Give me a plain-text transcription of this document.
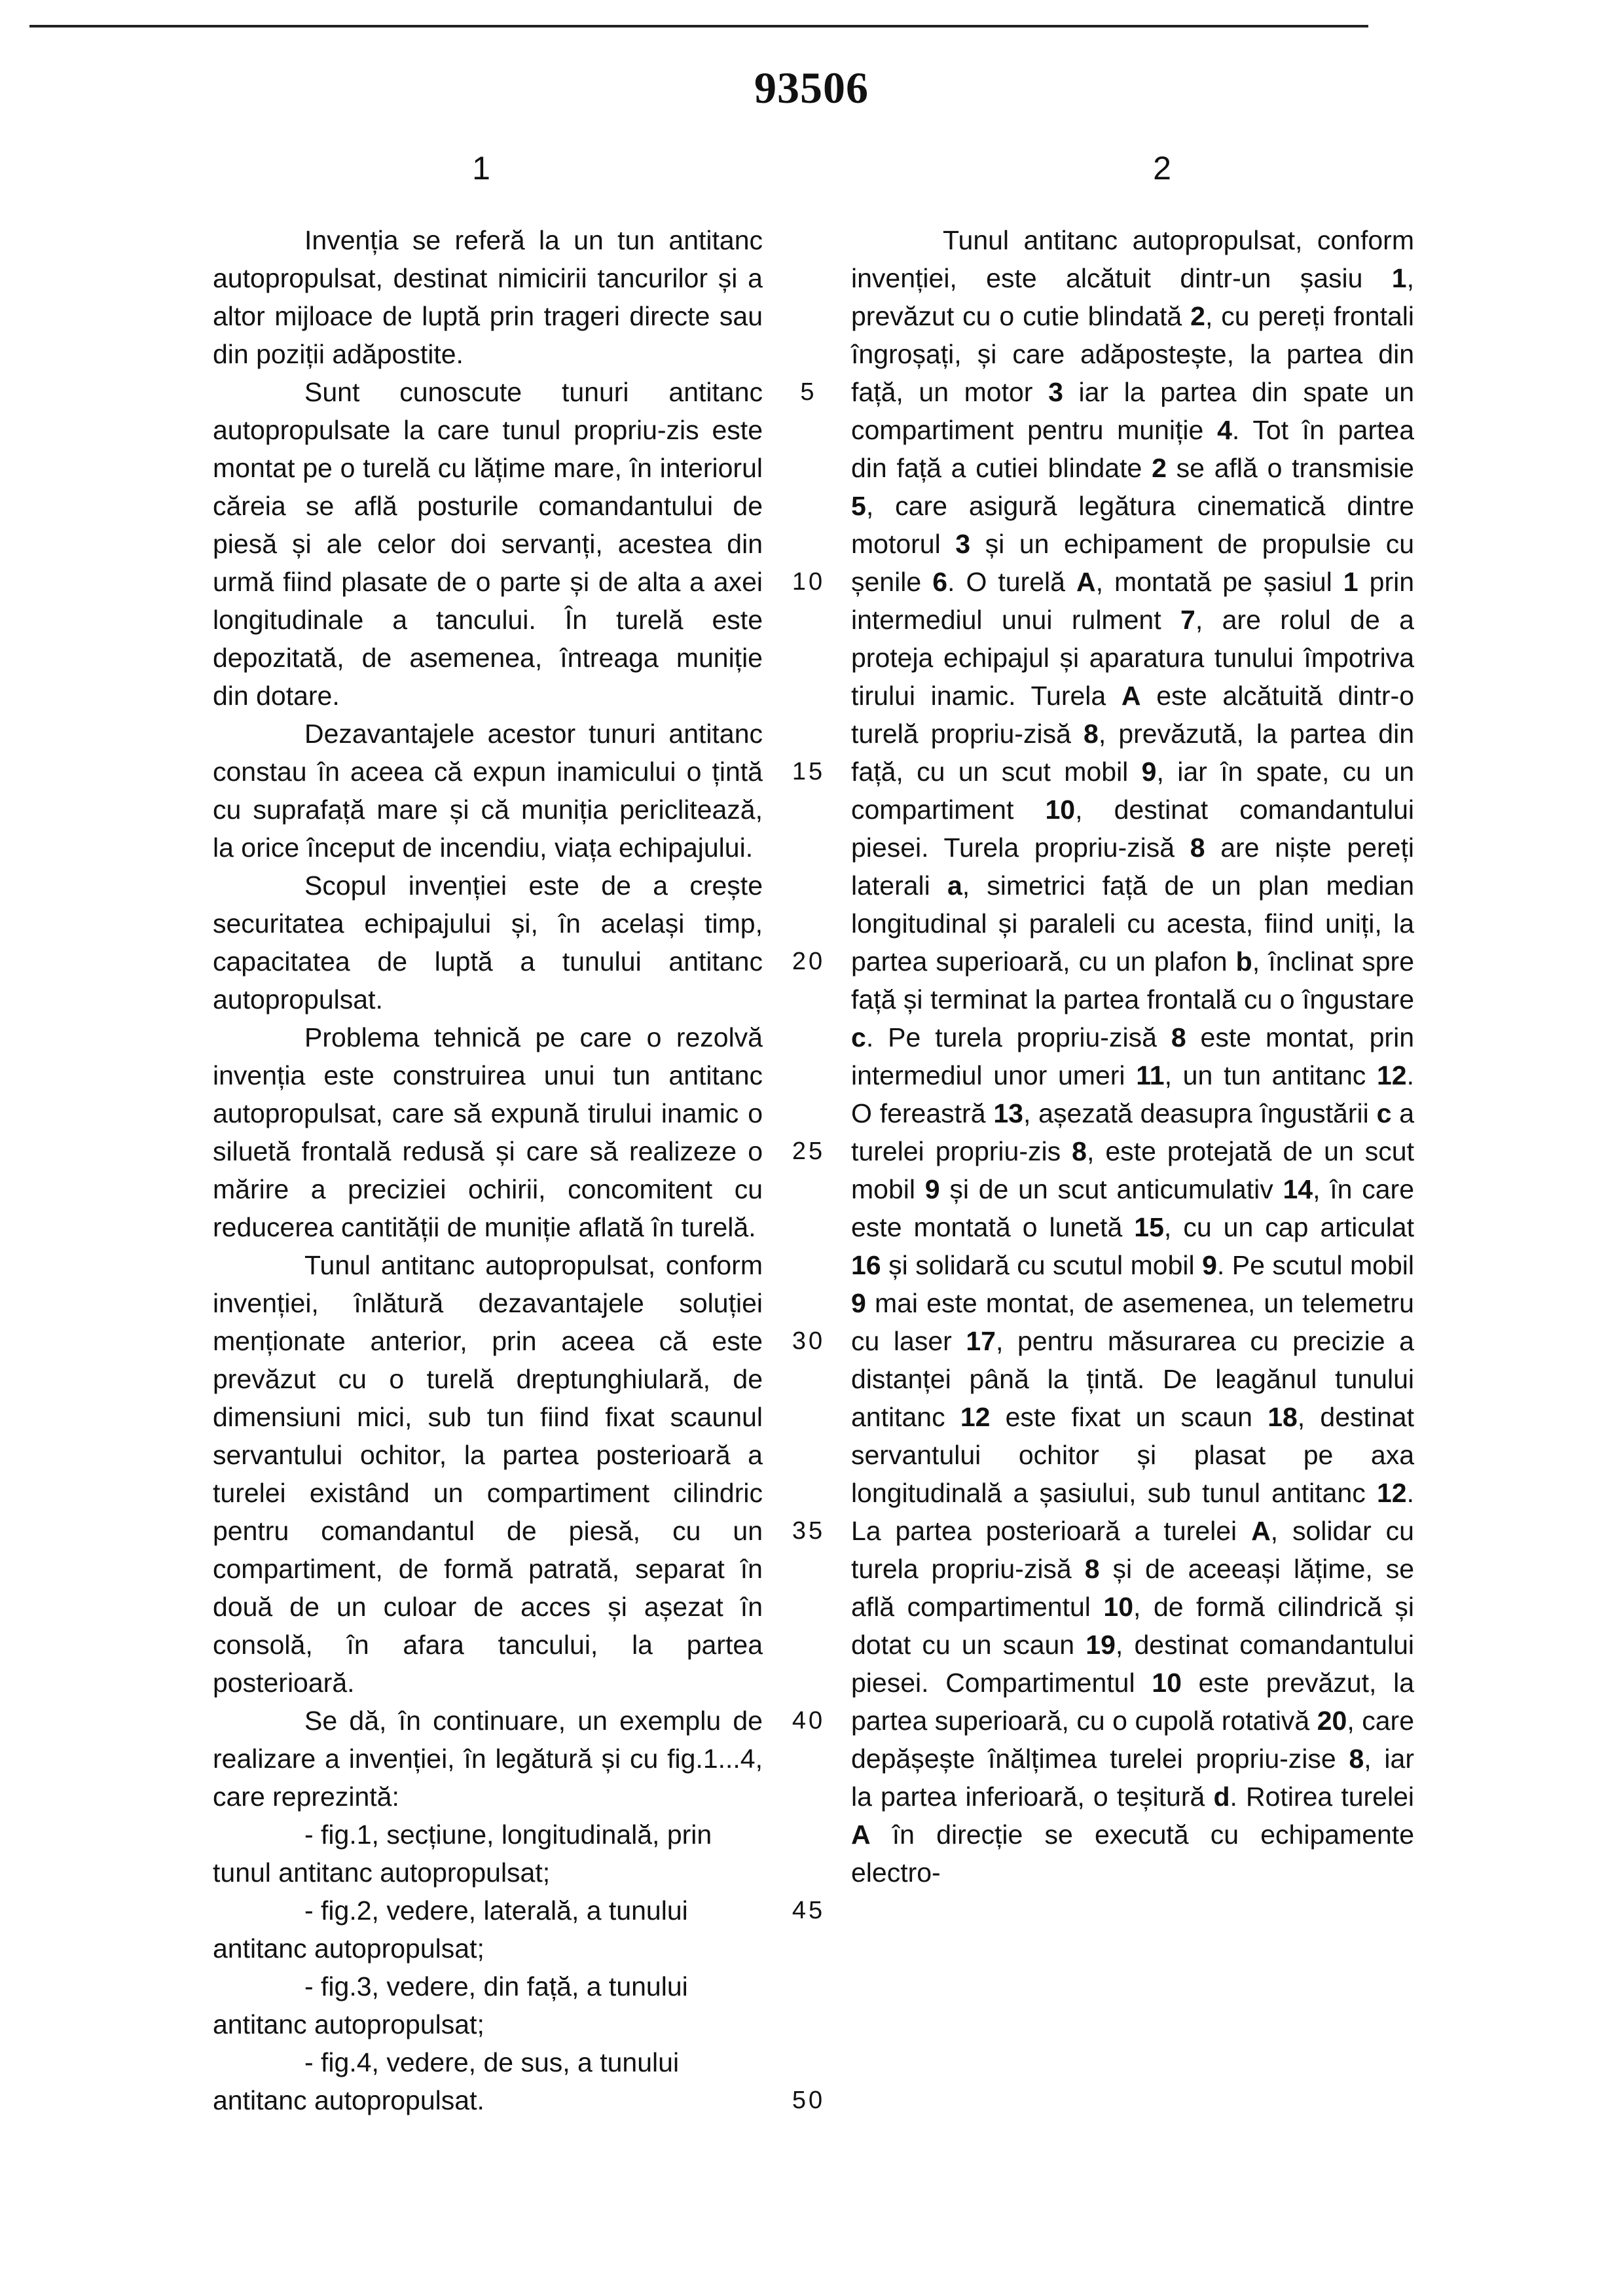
93506
1	2

Invenția se referă la un tun antitanc autopropulsat, destinat nimicirii tancurilor și a altor mijloace de luptă prin trageri directe sau din poziții adăpostite.

Sunt cunoscute tunuri antitanc autopropulsate la care tunul propriu-zis este montat pe o turelă cu lățime mare, în interiorul căreia se află posturile comandantului de piesă și ale celor doi servanți, acestea din urmă fiind plasate de o parte și de alta a axei longitudinale a tancului. În turelă este depozitată, de asemenea, întreaga muniție din dotare.

Dezavantajele acestor tunuri antitanc constau în aceea că expun inamicului o țintă cu suprafață mare și că muniția periclitează, la orice început de incendiu, viața echipajului.

Scopul invenției este de a crește securitatea echipajului și, în același timp, capacitatea de luptă a tunului antitanc autopropulsat.

Problema tehnică pe care o rezolvă invenția este construirea unui tun antitanc autopropulsat, care să expună tirului inamic o siluetă frontală redusă și care să realizeze o mărire a preciziei ochirii, concomitent cu reducerea cantității de muniție aflată în turelă.

Tunul antitanc autopropulsat, conform invenției, înlătură dezavantajele soluției menționate anterior, prin aceea că este prevăzut cu o turelă dreptunghiulară, de dimensiuni mici, sub tun fiind fixat scaunul servantului ochitor, la partea posterioară a turelei existând un compartiment cilindric pentru comandantul de piesă, cu un compartiment, de formă patrată, separat în două de un culoar de acces și așezat în consolă, în afara tancului, la partea posterioară.

Se dă, în continuare, un exemplu de realizare a invenției, în legătură și cu fig.1...4, care reprezintă:

- fig.1, secțiune, longitudinală, prin tunul antitanc autopropulsat;

- fig.2, vedere, laterală, a tunului antitanc autopropulsat;

- fig.3, vedere, din față, a tunului antitanc autopropulsat;

- fig.4, vedere, de sus, a tunului antitanc autopropulsat.

5
10
15
20
25
30
35
40
45
50

Tunul antitanc autopropulsat, conform invenției, este alcătuit dintr-un șasiu 1, prevăzut cu o cutie blindată 2, cu pereți frontali îngroșați, și care adăpostește, la partea din față, un motor 3 iar la partea din spate un compartiment pentru muniție 4. Tot în partea din față a cutiei blindate 2 se află o transmisie 5, care asigură legătura cinematică dintre motorul 3 și un echipament de propulsie cu șenile 6. O turelă A, montată pe șasiul 1 prin intermediul unui rulment 7, are rolul de a proteja echipajul și aparatura tunului împotriva tirului inamic. Turela A este alcătuită dintr-o turelă propriu-zisă 8, prevăzută, la partea din față, cu un scut mobil 9, iar în spate, cu un compartiment 10, destinat comandantului piesei. Turela propriu-zisă 8 are niște pereți laterali a, simetrici față de un plan median longitudinal și paraleli cu acesta, fiind uniți, la partea superioară, cu un plafon b, înclinat spre față și terminat la partea frontală cu o îngustare c. Pe turela propriu-zisă 8 este montat, prin intermediul unor umeri 11, un tun antitanc 12. O fereastră 13, așezată deasupra îngustării c a turelei propriu-zis 8, este protejată de un scut mobil 9 și de un scut anticumulativ 14, în care este montată o lunetă 15, cu un cap articulat 16 și solidară cu scutul mobil 9. Pe scutul mobil 9 mai este montat, de asemenea, un telemetru cu laser 17, pentru măsurarea cu precizie a distanței până la țintă. De leagănul tunului antitanc 12 este fixat un scaun 18, destinat servantului ochitor și plasat pe axa longitudinală a șasiului, sub tunul antitanc 12. La partea posterioară a turelei A, solidar cu turela propriu-zisă 8 și de aceeași lățime, se află compartimentul 10, de formă cilindrică și dotat cu un scaun 19, destinat comandantului piesei. Compartimentul 10 este prevăzut, la partea superioară, cu o cupolă rotativă 20, care depășește înălțimea turelei propriu-zise 8, iar la partea inferioară, o teșitură d. Rotirea turelei A în direcție se execută cu echipamente electro-
